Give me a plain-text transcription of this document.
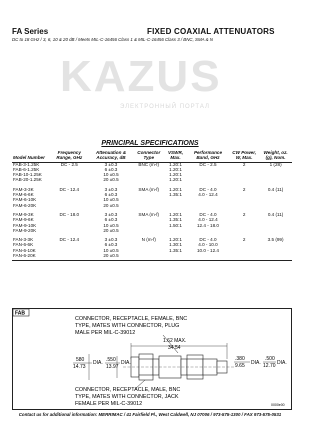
FA Series	FIXED COAXIAL ATTENUATORS
DC to 18 GHz / 3, 6, 10 & 20 dB / Meets MIL-C-16456 Class 1 & MIL-C-16456 Class 3 / BNC, SMA & N
KAZUS
ЭЛЕКТРОННЫЙ ПОРТАЛ
PRINCIPAL SPECIFICATIONS
Model Number	Frequency Range, GHz	Attenuation & Accuracy, dB	Connector Type	VSWR, Max.	Performance Band, GHz	CW Power, W, Max.	Weight, oz. (g), Nom.
FAB-3-1.25K	DC - 2.5	3 ±0.3	BNC (m-f)	1.20:1	DC - 2.5	2	1 (28)
FAB-6-1.25K		6 ±0.3		1.20:1			
FAB-10-1.25K		10 ±0.5		1.20:1			
FAB-20-1.25K		20 ±0.5		1.20:1			

FAM-3-3K	DC - 12.4	3 ±0.3	SMA (m-f)	1.20:1	DC - 4.0	2	0.4 (11)
FAM-6-6K		6 ±0.3		1.35:1	4.0 - 12.4		
FAM-6-10K		10 ±0.5					
FAM-6-20K		20 ±0.5					

FAM-9-3K	DC - 18.0	3 ±0.3	SMA (m-f)	1.20:1	DC - 4.0	2	0.4 (11)
FAM-9-6K		6 ±0.3		1.35:1	4.0 - 12.4		
FAM-9-10K		10 ±0.5		1.50:1	12.4 - 18.0		
FAM-9-20K		20 ±0.5					

FAN-3-3K	DC - 12.4	3 ±0.3	N (m-f)	1.20:1	DC - 4.0	2	3.5 (99)
FAN-6-6K		6 ±0.3		1.30:1	4.0 - 10.0		
FAN-6-10K		10 ±0.5		1.35:1	10.0 - 12.4		
FAN-6-20K		20 ±0.5					
FAB
CONNECTOR, RECEPTACLE, FEMALE, BNC
TYPE, MATES WITH CONNECTOR, PLUG
MALE PER MIL-C-39012
1.62 MAX.
34.54
580
14.73
DIA. .550
13.97
DIA.
.380
9.65 DIA.
.500
12.70 DIA.
CONNECTOR, RECEPTACLE, MALE, BNC
TYPE, MATES WITH CONNECTOR, JACK
FEMALE PER MIL-C-39012	0000e00
Contact us for additional information: MERRIMAC / 41 Fairfield Pl., West Caldwell, NJ 07006 / 973-575-1300 / FAX 973-575-0531
